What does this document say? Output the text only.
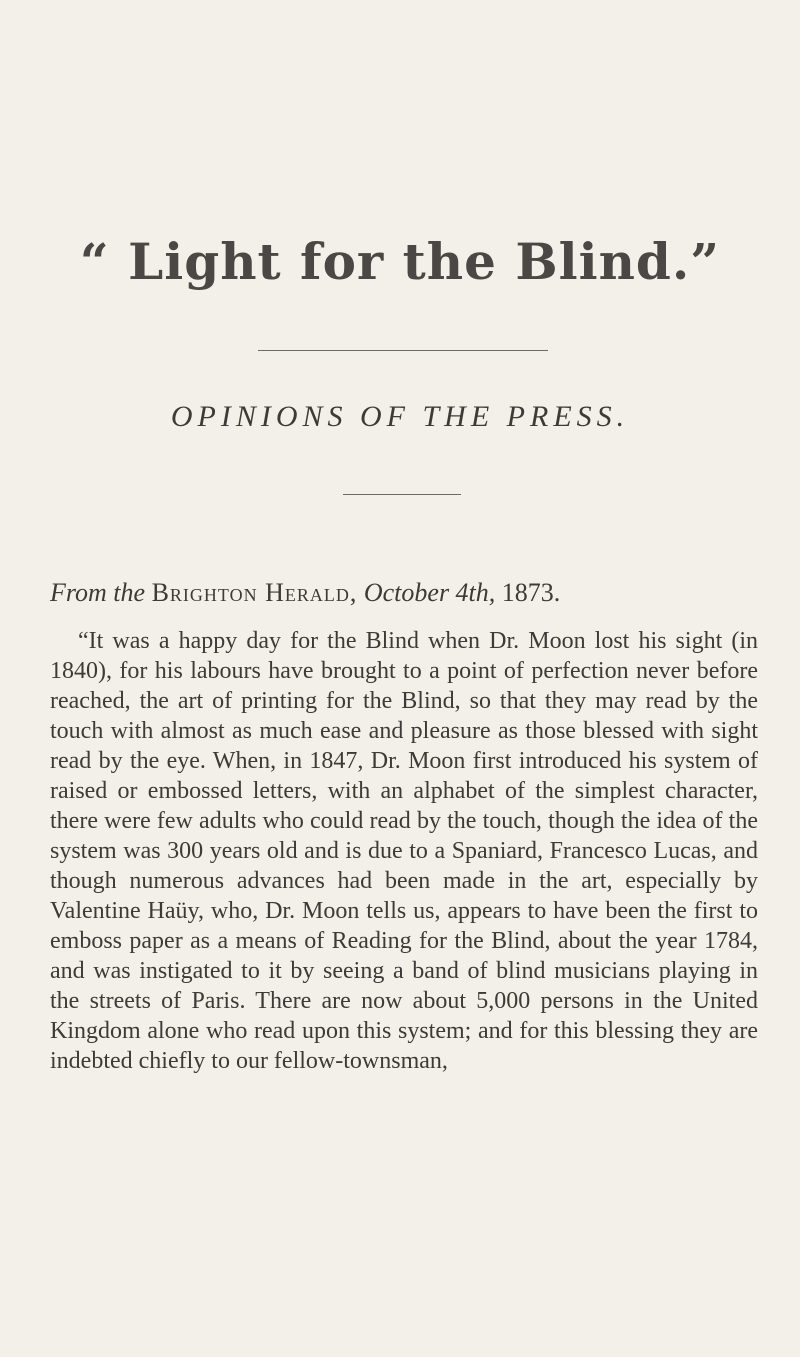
“ Light for the Blind.”
OPINIONS OF THE PRESS.
From the Brighton Herald, October 4th, 1873.

“It was a happy day for the Blind when Dr. Moon lost his sight (in 1840), for his labours have brought to a point of perfection never before reached, the art of printing for the Blind, so that they may read by the touch with almost as much ease and pleasure as those blessed with sight read by the eye. When, in 1847, Dr. Moon first introduced his system of raised or embossed letters, with an alphabet of the simplest character, there were few adults who could read by the touch, though the idea of the system was 300 years old and is due to a Spaniard, Francesco Lucas, and though numerous advances had been made in the art, especially by Valentine Haüy, who, Dr. Moon tells us, appears to have been the first to emboss paper as a means of Reading for the Blind, about the year 1784, and was instigated to it by seeing a band of blind musicians playing in the streets of Paris. There are now about 5,000 persons in the United Kingdom alone who read upon this system; and for this blessing they are indebted chiefly to our fellow-townsman,
